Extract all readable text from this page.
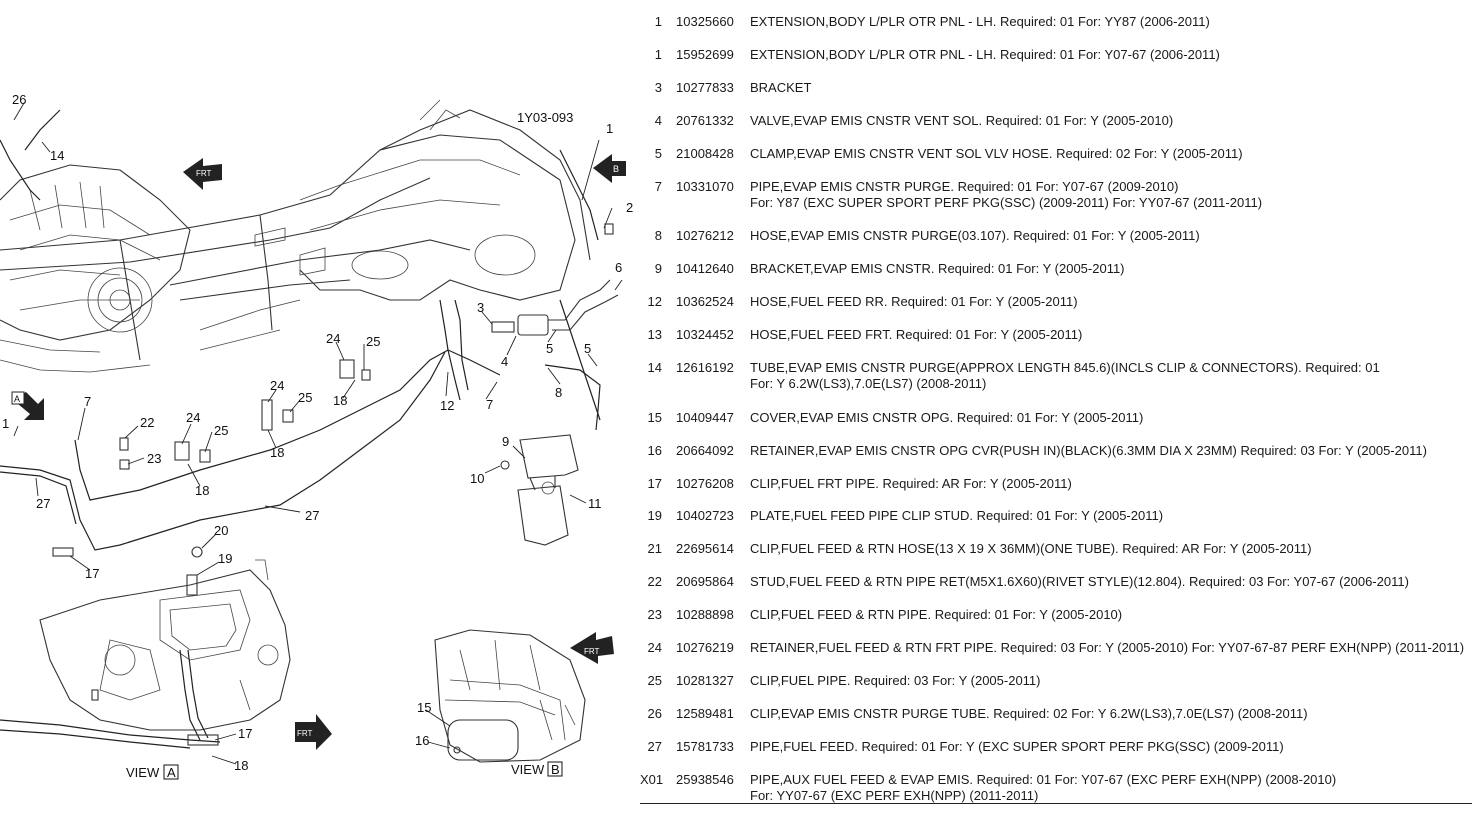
1Y03-093
FRT	B
A
FRT
FRT
1
2
3
4
5 5
6
7
7
8
9
10
11
12
14
15
16
17
17
18
18
18
18
19
20
22
23
24
24
24
25
25
25
26
27
27
1
VIEW A	VIEW B
1 10325660 EXTENSION,BODY L/PLR OTR PNL - LH. Required: 01 For: YY87 (2006-2011)
1 15952699 EXTENSION,BODY L/PLR OTR PNL - LH. Required: 01 For: Y07-67 (2006-2011)
3 10277833 BRACKET
4 20761332 VALVE,EVAP EMIS CNSTR VENT SOL. Required: 01 For: Y (2005-2010)
5 21008428 CLAMP,EVAP EMIS CNSTR VENT SOL VLV HOSE. Required: 02 For: Y (2005-2011)
7 10331070 PIPE,EVAP EMIS CNSTR PURGE. Required: 01 For: Y07-67 (2009-2010)
For: Y87 (EXC SUPER SPORT PERF PKG(SSC) (2009-2011) For: YY07-67 (2011-2011)
8 10276212 HOSE,EVAP EMIS CNSTR PURGE(03.107). Required: 01 For: Y (2005-2011)
9 10412640 BRACKET,EVAP EMIS CNSTR. Required: 01 For: Y (2005-2011)
12 10362524 HOSE,FUEL FEED RR. Required: 01 For: Y (2005-2011)
13 10324452 HOSE,FUEL FEED FRT. Required: 01 For: Y (2005-2011)
14 12616192 TUBE,EVAP EMIS CNSTR PURGE(APPROX LENGTH 845.6)(INCLS CLIP & CONNECTORS). Required: 01
For: Y 6.2W(LS3),7.0E(LS7) (2008-2011)
15 10409447 COVER,EVAP EMIS CNSTR OPG. Required: 01 For: Y (2005-2011)
16 20664092 RETAINER,EVAP EMIS CNSTR OPG CVR(PUSH IN)(BLACK)(6.3MM DIA X 23MM) Required: 03 For: Y (2005-2011)
17 10276208 CLIP,FUEL FRT PIPE. Required: AR For: Y (2005-2011)
19 10402723 PLATE,FUEL FEED PIPE CLIP STUD. Required: 01 For: Y (2005-2011)
21 22695614 CLIP,FUEL FEED & RTN HOSE(13 X 19 X 36MM)(ONE TUBE). Required: AR For: Y (2005-2011)
22 20695864 STUD,FUEL FEED & RTN PIPE RET(M5X1.6X60)(RIVET STYLE)(12.804). Required: 03 For: Y07-67 (2006-2011)
23 10288898 CLIP,FUEL FEED & RTN PIPE. Required: 01 For: Y (2005-2010)
24 10276219 RETAINER,FUEL FEED & RTN FRT PIPE. Required: 03 For: Y (2005-2010) For: YY07-67-87 PERF EXH(NPP) (2011-2011)
25 10281327 CLIP,FUEL PIPE. Required: 03 For: Y (2005-2011)
26 12589481 CLIP,EVAP EMIS CNSTR PURGE TUBE. Required: 02 For: Y 6.2W(LS3),7.0E(LS7) (2008-2011)
27 15781733 PIPE,FUEL FEED. Required: 01 For: Y (EXC SUPER SPORT PERF PKG(SSC) (2009-2011)
X01 25938546 PIPE,AUX FUEL FEED & EVAP EMIS. Required: 01 For: Y07-67 (EXC PERF EXH(NPP) (2008-2010)
For: YY07-67 (EXC PERF EXH(NPP) (2011-2011)
